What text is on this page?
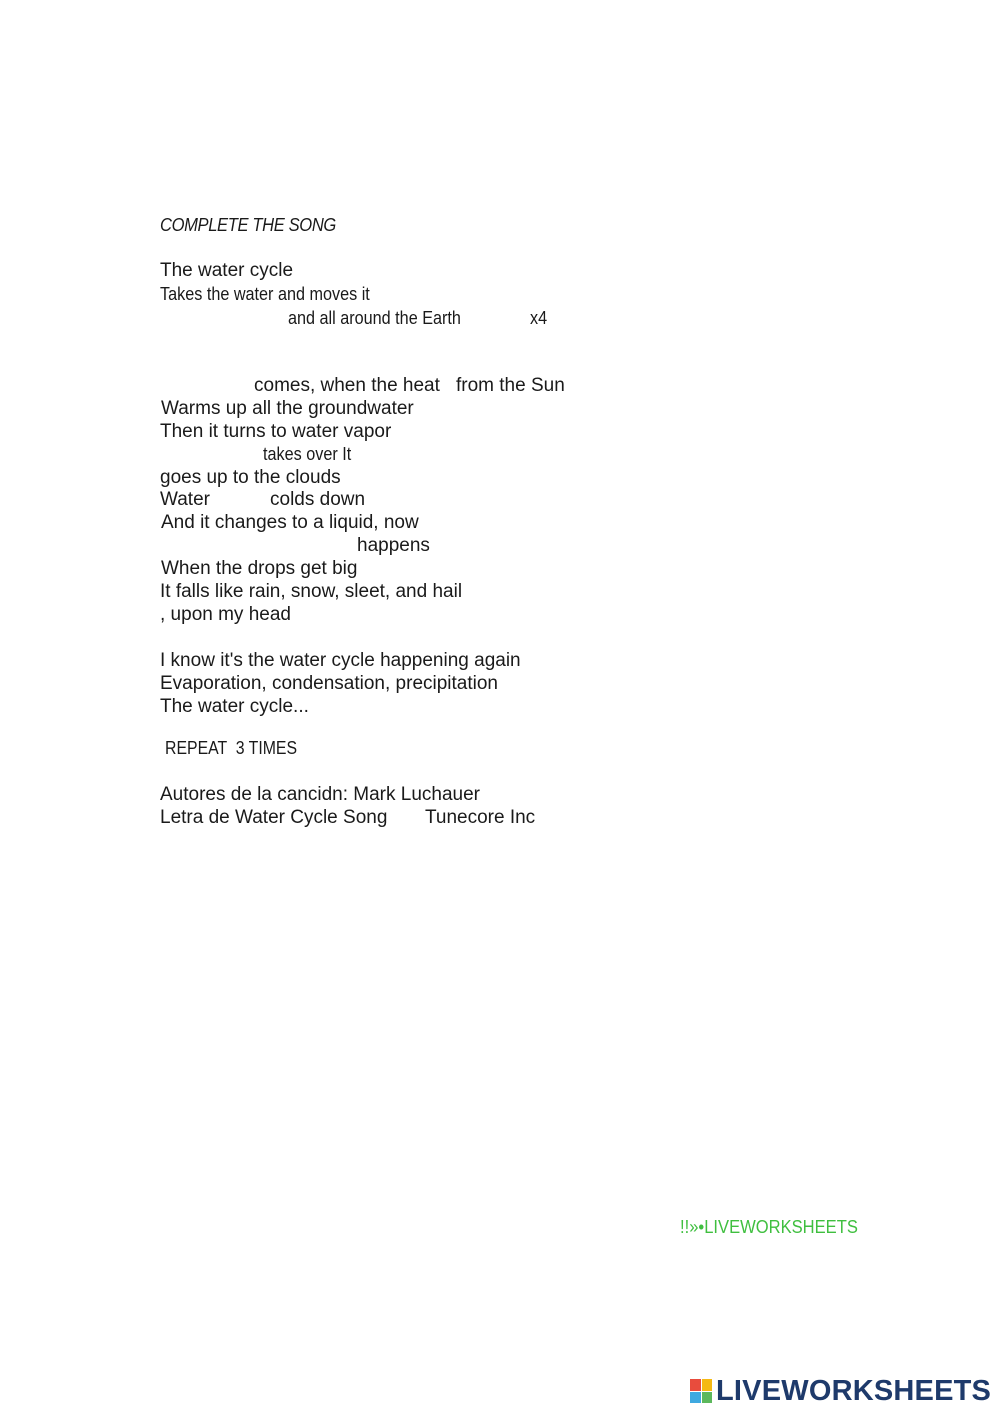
COMPLETE THE SONG
The water cycle
Takes the water and moves it
and all around the Earth	x4
comes, when the heat from the Sun
Warms up all the groundwater
Then it turns to water vapor
takes over It
goes up to the clouds
Water	colds down
And it changes to a liquid, now
happens
When the drops get big
It falls like rain, snow, sleet, and hail
, upon my head
I know it's the water cycle happening again
Evaporation, condensation, precipitation
The water cycle...
REPEAT  3 TIMES
Autores de la cancidn: Mark Luchauer
Letra de Water Cycle Song Tunecore Inc
!!»•LIVEWORKSHEETS
LIVEWORKSHEETS
